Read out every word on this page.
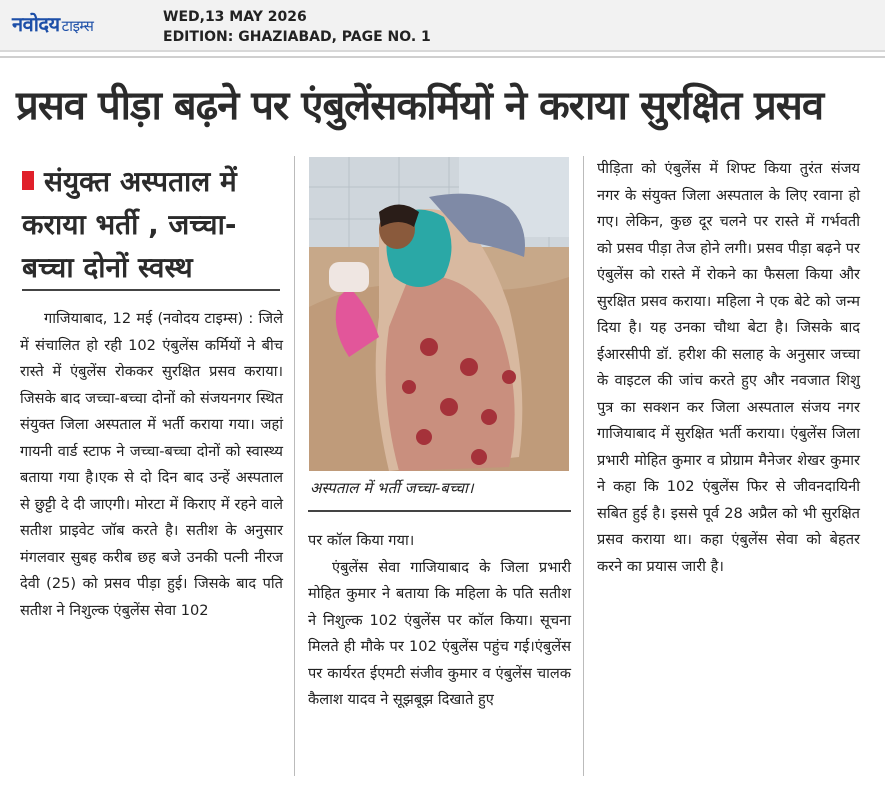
नवोदय टाइम्स	WED,13 MAY 2026
EDITION: GHAZIABAD, PAGE NO. 1
प्रसव पीड़ा बढ़ने पर एंबुलेंसकर्मियों ने कराया सुरक्षित प्रसव
संयुक्त अस्पताल में
कराया भर्ती , जच्चा-
बच्चा दोनों स्वस्थ

गाजियाबाद, 12 मई (नवोदय टाइम्स) : जिले में संचालित हो रही 102 एंबुलेंस कर्मियों ने बीच रास्ते में एंबुलेंस रोककर सुरक्षित प्रसव कराया। जिसके बाद जच्चा-बच्चा दोनों को संजयनगर स्थित संयुक्त जिला अस्पताल में भर्ती कराया गया। जहां गायनी वार्ड स्टाफ ने जच्चा-बच्चा दोनों को स्वास्थ्य बताया गया है।एक से दो दिन बाद उन्हें अस्पताल से छुट्टी दे दी जाएगी। मोरटा में किराए में रहने वाले सतीश प्राइवेट जॉब करते है। सतीश के अनुसार मंगलवार सुबह करीब छह बजे उनकी पत्नी नीरज देवी (25) को प्रसव पीड़ा हुई। जिसके बाद पति सतीश ने निशुल्क एंबुलेंस सेवा 102

अस्पताल में भर्ती जच्चा-बच्चा।

पर कॉल किया गया।

एंबुलेंस सेवा गाजियाबाद के जिला प्रभारी मोहित कुमार ने बताया कि महिला के पति सतीश ने निशुल्क 102 एंबुलेंस पर कॉल किया। सूचना मिलते ही मौके पर 102 एंबुलेंस पहुंच गई।एंबुलेंस पर कार्यरत ईएमटी संजीव कुमार व एंबुलेंस चालक कैलाश यादव ने सूझबूझ दिखाते हुए

पीड़िता को एंबुलेंस में शिफ्ट किया तुरंत संजय नगर के संयुक्त जिला अस्पताल के लिए रवाना हो गए। लेकिन, कुछ दूर चलने पर रास्ते में गर्भवती को प्रसव पीड़ा तेज होने लगी। प्रसव पीड़ा बढ़ने पर एंबुलेंस को रास्ते में रोकने का फैसला किया और सुरक्षित प्रसव कराया। महिला ने एक बेटे को जन्म दिया है। यह उनका चौथा बेटा है। जिसके बाद ईआरसीपी डॉ. हरीश की सलाह के अनुसार जच्चा के वाइटल की जांच करते हुए और नवजात शिशु पुत्र का सक्शन कर जिला अस्पताल संजय नगर गाजियाबाद में सुरक्षित भर्ती कराया। एंबुलेंस जिला प्रभारी मोहित कुमार व प्रोग्राम मैनेजर शेखर कुमार ने कहा कि 102 एंबुलेंस फिर से जीवनदायिनी सबित हुई है। इससे पूर्व 28 अप्रैल को भी सुरक्षित प्रसव कराया था। कहा एंबुलेंस सेवा को बेहतर करने का प्रयास जारी है।
